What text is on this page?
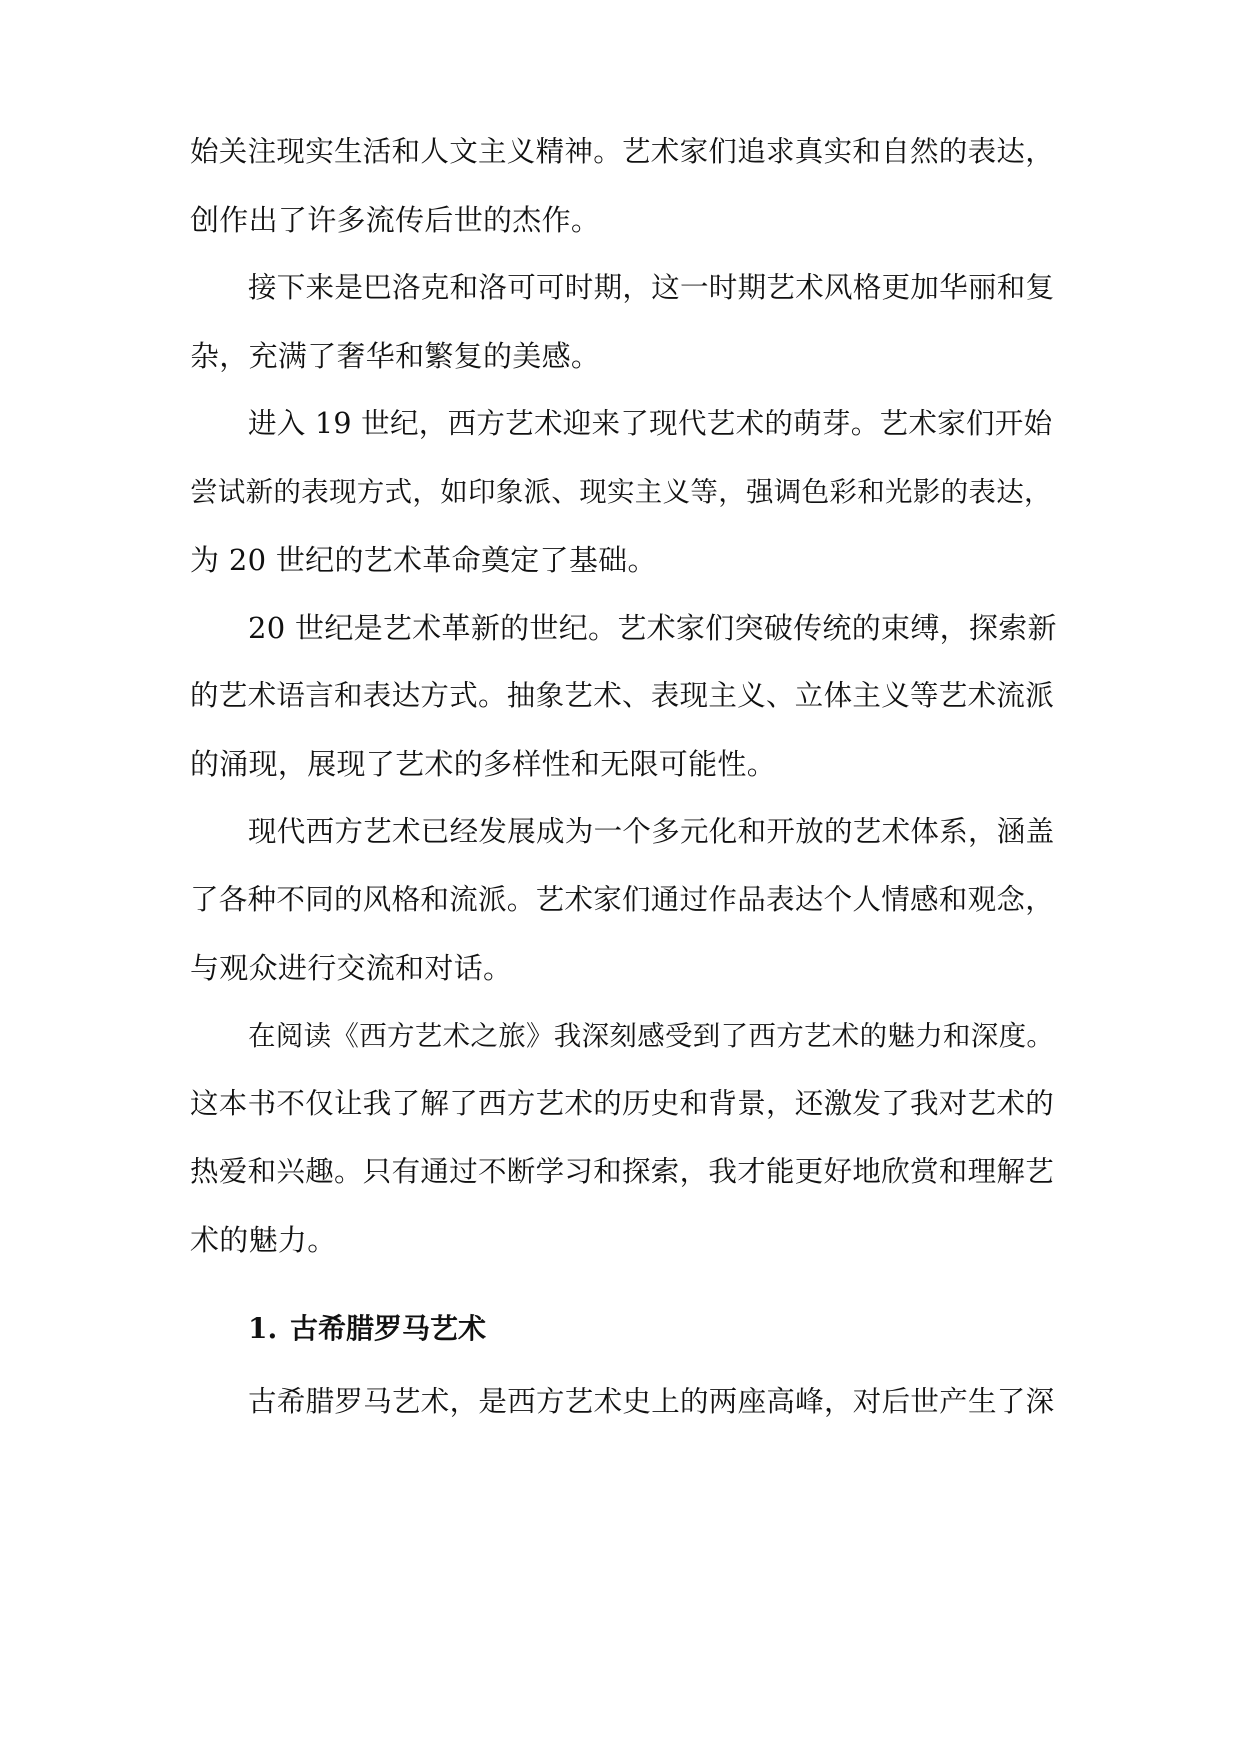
始关注现实生活和人文主义精神。艺术家们追求真实和自然的表达，
创作出了许多流传后世的杰作。
接下来是巴洛克和洛可可时期，这一时期艺术风格更加华丽和复
杂，充满了奢华和繁复的美感。
进入 19 世纪，西方艺术迎来了现代艺术的萌芽。艺术家们开始
尝试新的表现方式，如印象派、现实主义等，强调色彩和光影的表达，
为 20 世纪的艺术革命奠定了基础。
20 世纪是艺术革新的世纪。艺术家们突破传统的束缚，探索新
的艺术语言和表达方式。抽象艺术、表现主义、立体主义等艺术流派
的涌现，展现了艺术的多样性和无限可能性。
现代西方艺术已经发展成为一个多元化和开放的艺术体系，涵盖
了各种不同的风格和流派。艺术家们通过作品表达个人情感和观念，
与观众进行交流和对话。
在阅读《西方艺术之旅》我深刻感受到了西方艺术的魅力和深度。
这本书不仅让我了解了西方艺术的历史和背景，还激发了我对艺术的
热爱和兴趣。只有通过不断学习和探索，我才能更好地欣赏和理解艺
术的魅力。
1. 古希腊罗马艺术
古希腊罗马艺术，是西方艺术史上的两座高峰，对后世产生了深
